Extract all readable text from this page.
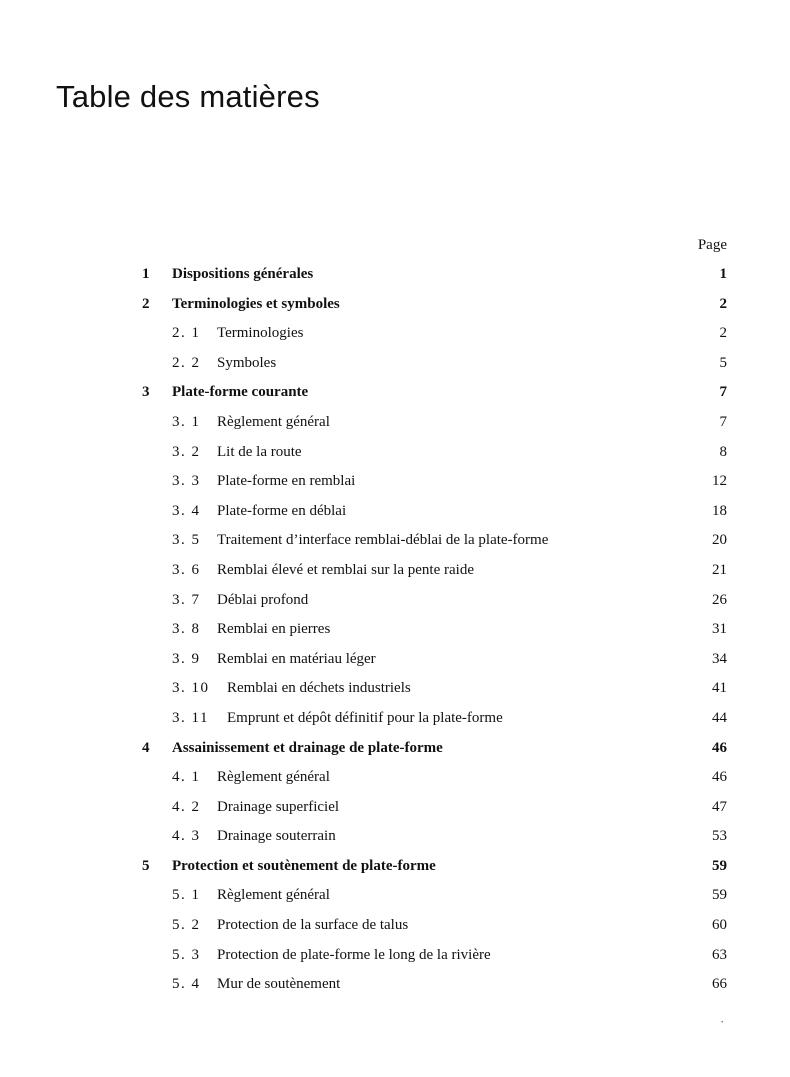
Table des matières
Page
1 Dispositions générales	1
2 Terminologies et symboles	2
2. 1 Terminologies	2
2. 2 Symboles	5
3 Plate-forme courante	7
3. 1 Règlement général	7
3. 2 Lit de la route	8
3. 3 Plate-forme en remblai	12
3. 4 Plate-forme en déblai	18
3. 5 Traitement d’interface remblai-déblai de la plate-forme	20
3. 6 Remblai élevé et remblai sur la pente raide	21
3. 7 Déblai profond	26
3. 8 Remblai en pierres	31
3. 9 Remblai en matériau léger	34
3. 10 Remblai en déchets industriels	41
3. 11 Emprunt et dépôt définitif pour la plate-forme	44
4 Assainissement et drainage de plate-forme	46
4. 1 Règlement général	46
4. 2 Drainage superficiel	47
4. 3 Drainage souterrain	53
5 Protection et soutènement de plate-forme	59
5. 1 Règlement général	59
5. 2 Protection de la surface de talus	60
5. 3 Protection de plate-forme le long de la rivière	63
5. 4 Mur de soutènement	66
·
